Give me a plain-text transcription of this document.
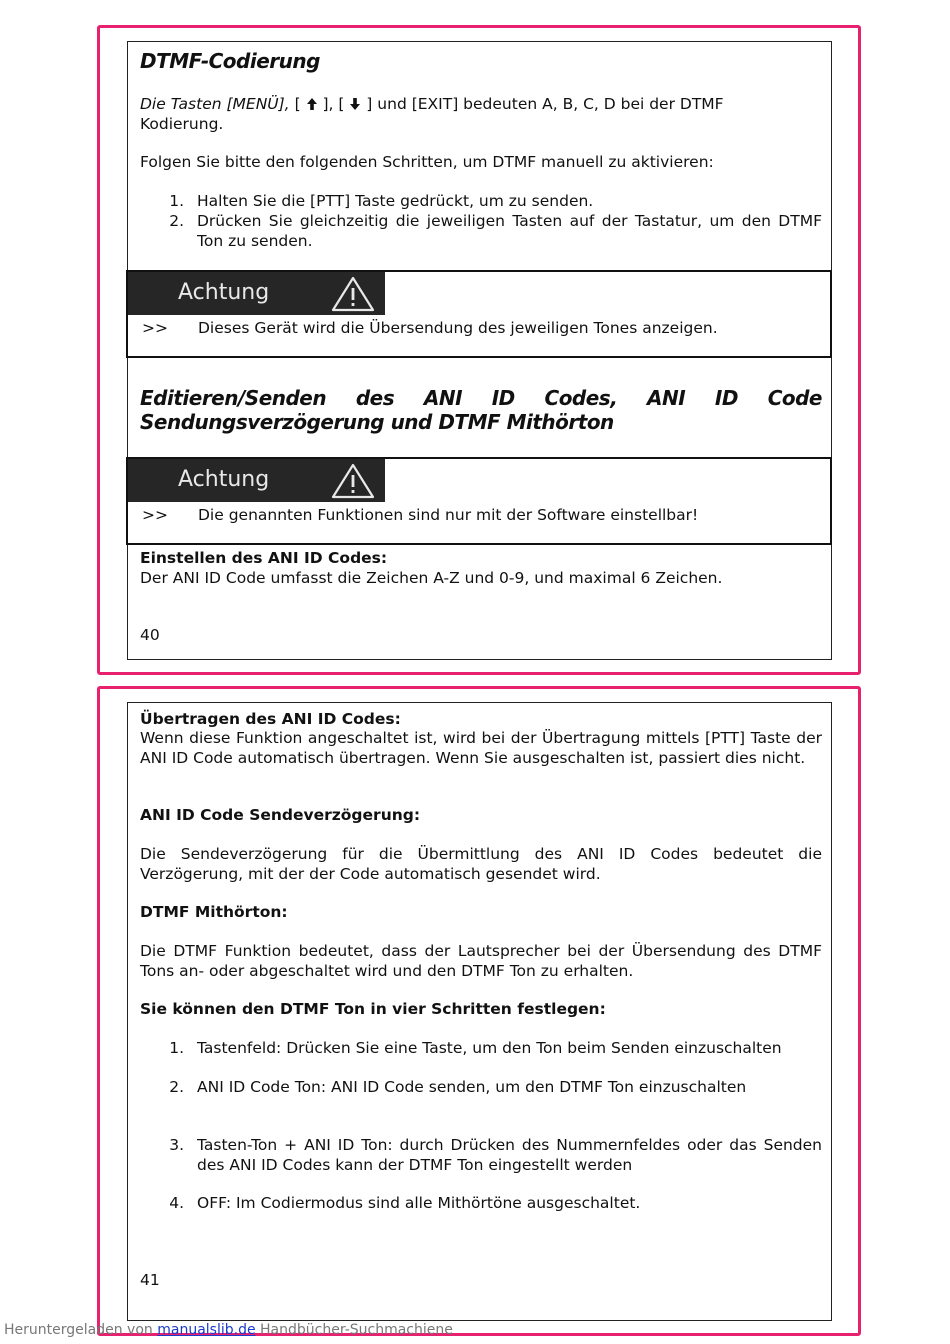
DTMF-Codierung
Die Tasten [MENÜ], [  ], [  ] und [EXIT] bedeuten A, B, C, D bei der DTMF
Kodierung.
Folgen Sie bitte den folgenden Schritten, um DTMF manuell zu aktivieren:
1. Halten Sie die [PTT] Taste gedrückt, um zu senden.
2. Drücken Sie gleichzeitig die jeweiligen Tasten auf der Tastatur, um den DTMF Ton zu senden.
Achtung
>> Dieses Gerät wird die Übersendung des jeweiligen Tones anzeigen.
Editieren/Senden des ANI ID Codes, ANI ID Code Sendungsverzögerung und DTMF Mithörton
Achtung
>> Die genannten Funktionen sind nur mit der Software einstellbar!
Einstellen des ANI ID Codes:
Der ANI ID Code umfasst die Zeichen A-Z und 0-9, und maximal 6 Zeichen.
40
Übertragen des ANI ID Codes:
Wenn diese Funktion angeschaltet ist, wird bei der Übertragung mittels [PTT] Taste der ANI ID Code automatisch übertragen. Wenn Sie ausgeschalten ist, passiert dies nicht.
ANI ID Code Sendeverzögerung:
Die Sendeverzögerung für die Übermittlung des ANI ID Codes bedeutet die Verzögerung, mit der der Code automatisch gesendet wird.
DTMF Mithörton:
Die DTMF Funktion bedeutet, dass der Lautsprecher bei der Übersendung des DTMF Tons an- oder abgeschaltet wird und den DTMF Ton zu erhalten.
Sie können den DTMF Ton in vier Schritten festlegen:
1. Tastenfeld: Drücken Sie eine Taste, um den Ton beim Senden einzuschalten
2. ANI ID Code Ton: ANI ID Code senden, um den DTMF Ton einzuschalten
3. Tasten-Ton + ANI ID Ton: durch Drücken des Nummernfeldes oder das Senden des ANI ID Codes kann der DTMF Ton eingestellt werden
4. OFF: Im Codiermodus sind alle Mithörtöne ausgeschaltet.
41
Heruntergeladen von manualslib.de Handbücher-Suchmachiene
